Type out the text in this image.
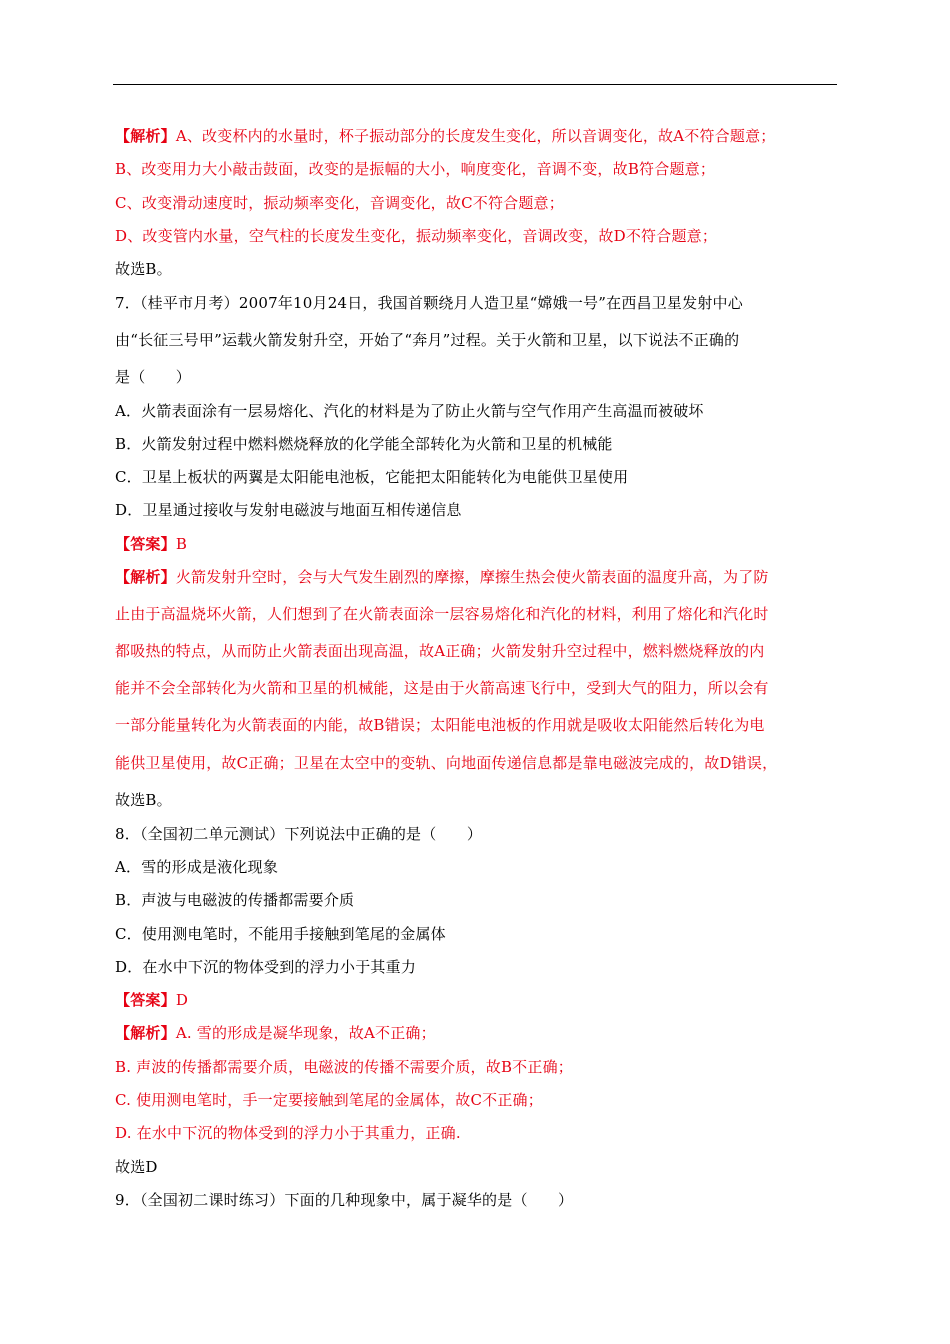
【解析】A、改变杯内的水量时，杯子振动部分的长度发生变化，所以音调变化，故A不符合题意；
B、改变用力大小敲击鼓面，改变的是振幅的大小，响度变化，音调不变，故B符合题意；
C、改变滑动速度时，振动频率变化，音调变化，故C不符合题意；
D、改变管内水量，空气柱的长度发生变化，振动频率变化，音调改变，故D不符合题意；
故选B。
7．（桂平市月考）2007年10月24日，我国首颗绕月人造卫星“嫦娥一号”在西昌卫星发射中心
由“长征三号甲”运载火箭发射升空，开始了“奔月”过程。关于火箭和卫星，以下说法不正确的
是（　　）
A．火箭表面涂有一层易熔化、汽化的材料是为了防止火箭与空气作用产生高温而被破坏
B．火箭发射过程中燃料燃烧释放的化学能全部转化为火箭和卫星的机械能
C．卫星上板状的两翼是太阳能电池板，它能把太阳能转化为电能供卫星使用
D．卫星通过接收与发射电磁波与地面互相传递信息
【答案】B
【解析】火箭发射升空时，会与大气发生剧烈的摩擦，摩擦生热会使火箭表面的温度升高，为了防
止由于高温烧坏火箭，人们想到了在火箭表面涂一层容易熔化和汽化的材料，利用了熔化和汽化时
都吸热的特点，从而防止火箭表面出现高温，故A正确；火箭发射升空过程中，燃料燃烧释放的内
能并不会全部转化为火箭和卫星的机械能，这是由于火箭高速飞行中，受到大气的阻力，所以会有
一部分能量转化为火箭表面的内能，故B错误；太阳能电池板的作用就是吸收太阳能然后转化为电
能供卫星使用，故C正确；卫星在太空中的变轨、向地面传递信息都是靠电磁波完成的，故D错误，
故选B。
8．（全国初二单元测试）下列说法中正确的是（　　）
A．雪的形成是液化现象
B．声波与电磁波的传播都需要介质
C．使用测电笔时，不能用手接触到笔尾的金属体
D．在水中下沉的物体受到的浮力小于其重力
【答案】D
【解析】A. 雪的形成是凝华现象，故A不正确；
B. 声波的传播都需要介质，电磁波的传播不需要介质，故B不正确；
C. 使用测电笔时，手一定要接触到笔尾的金属体，故C不正确；
D. 在水中下沉的物体受到的浮力小于其重力，正确.
故选D
9．（全国初二课时练习）下面的几种现象中，属于凝华的是（　　）
